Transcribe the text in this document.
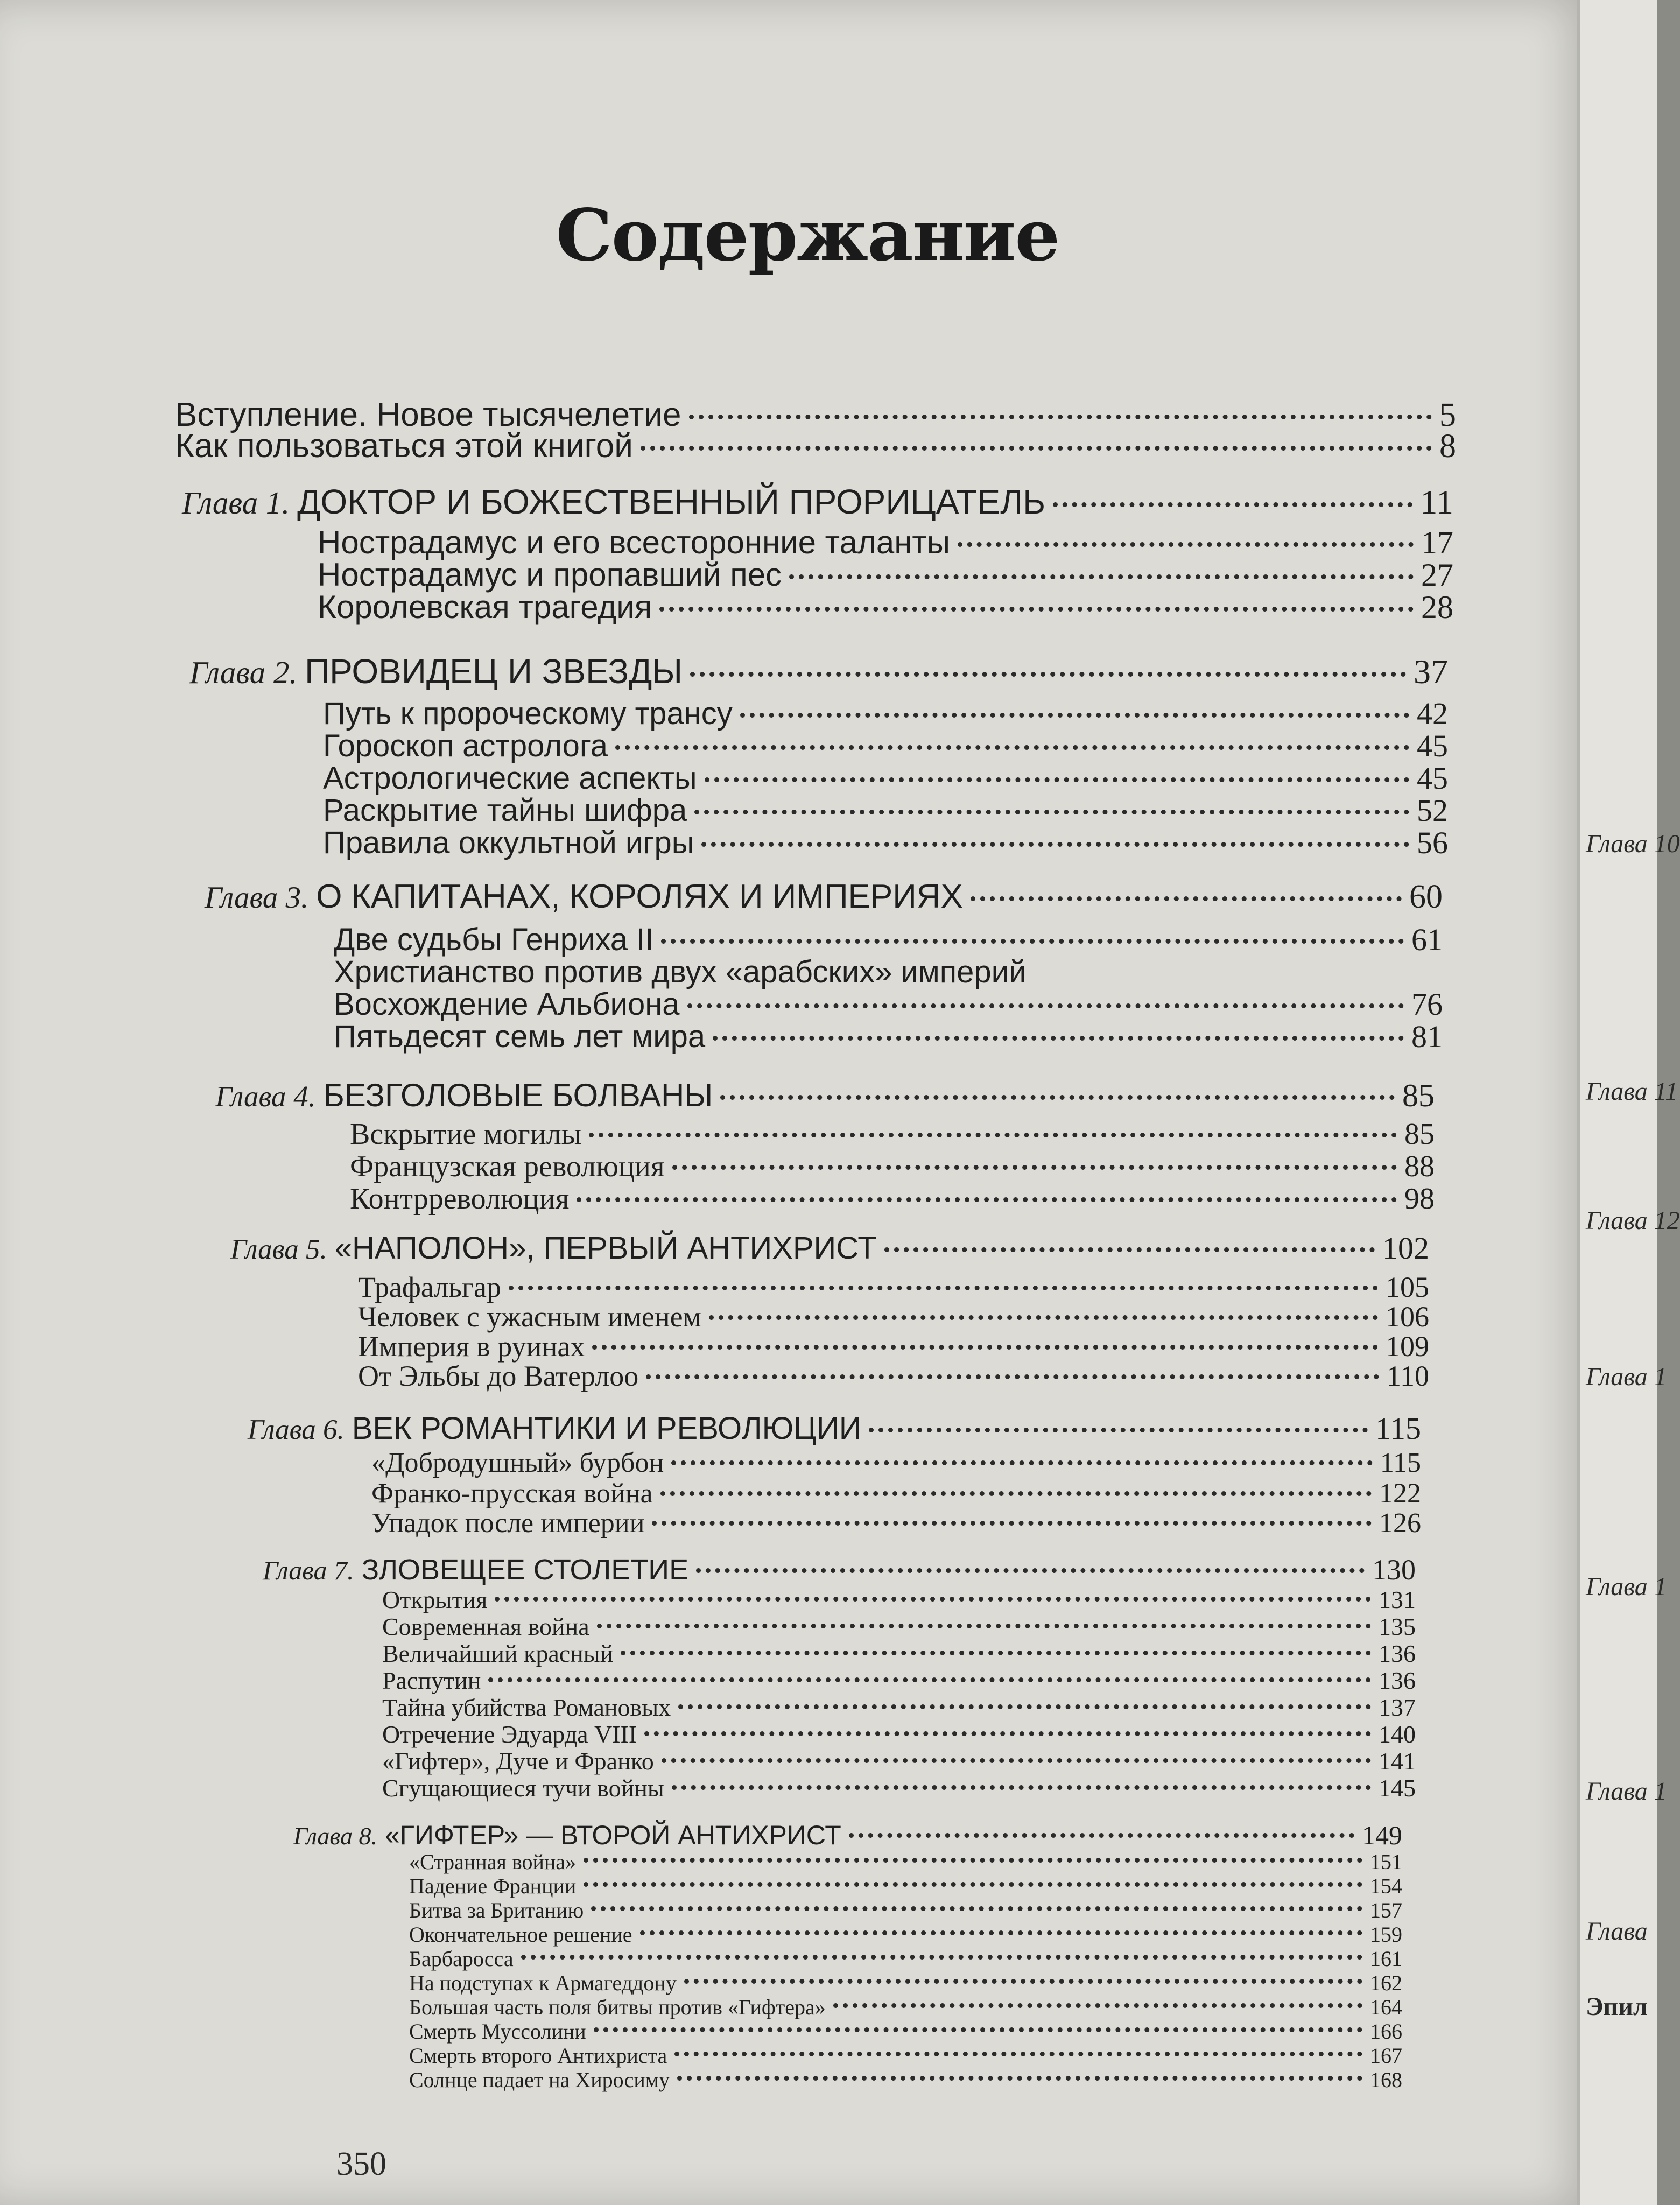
Содержание
Вступление. Новое тысячелетие	5
Как пользоваться этой книгой	8
Глава 1. ДОКТОР И БОЖЕСТВЕННЫЙ ПРОРИЦАТЕЛЬ	11
Нострадамус и его всесторонние таланты	17
Нострадамус и пропавший пес	27
Королевская трагедия	28
Глава 2. ПРОВИДЕЦ И ЗВЕЗДЫ	37
Путь к пророческому трансу	42
Гороскоп астролога	45
Астрологические аспекты	45
Раскрытие тайны шифра	52
Правила оккультной игры	56
Глава 3. О КАПИТАНАХ, КОРОЛЯХ И ИМПЕРИЯХ	60
Две судьбы Генриха II	61
Христианство против двух «арабских» империй
Восхождение Альбиона	76
Пятьдесят семь лет мира	81
Глава 4. БЕЗГОЛОВЫЕ БОЛВАНЫ	85
Вскрытие могилы	85
Французская революция	88
Контрреволюция	98
Глава 5. «НАПОЛОН», ПЕРВЫЙ АНТИХРИСТ	102
Трафальгар	105
Человек с ужасным именем	106
Империя в руинах	109
От Эльбы до Ватерлоо	110
Глава 6. ВЕК РОМАНТИКИ И РЕВОЛЮЦИИ	115
«Добродушный» бурбон	115
Франко-прусская война	122
Упадок после империи	126
Глава 7. ЗЛОВЕЩЕЕ СТОЛЕТИЕ	130
Открытия	131
Современная война	135
Величайший красный	136
Распутин	136
Тайна убийства Романовых	137
Отречение Эдуарда VIII	140
«Гифтер», Дуче и Франко	141
Сгущающиеся тучи войны	145
Глава 8. «ГИФТЕР» — ВТОРОЙ АНТИХРИСТ	149
«Странная война»	151
Падение Франции	154
Битва за Британию	157
Окончательное решение	159
Барбаросса	161
На подступах к Армагеддону	162
Большая часть поля битвы против «Гифтера»	164
Смерть Муссолини	166
Смерть второго Антихриста	167
Солнце падает на Хиросиму	168
350
Глава 10
Глава 11
Глава 12
Глава 1
Глава 1
Глава 1
Глава
Эпил
